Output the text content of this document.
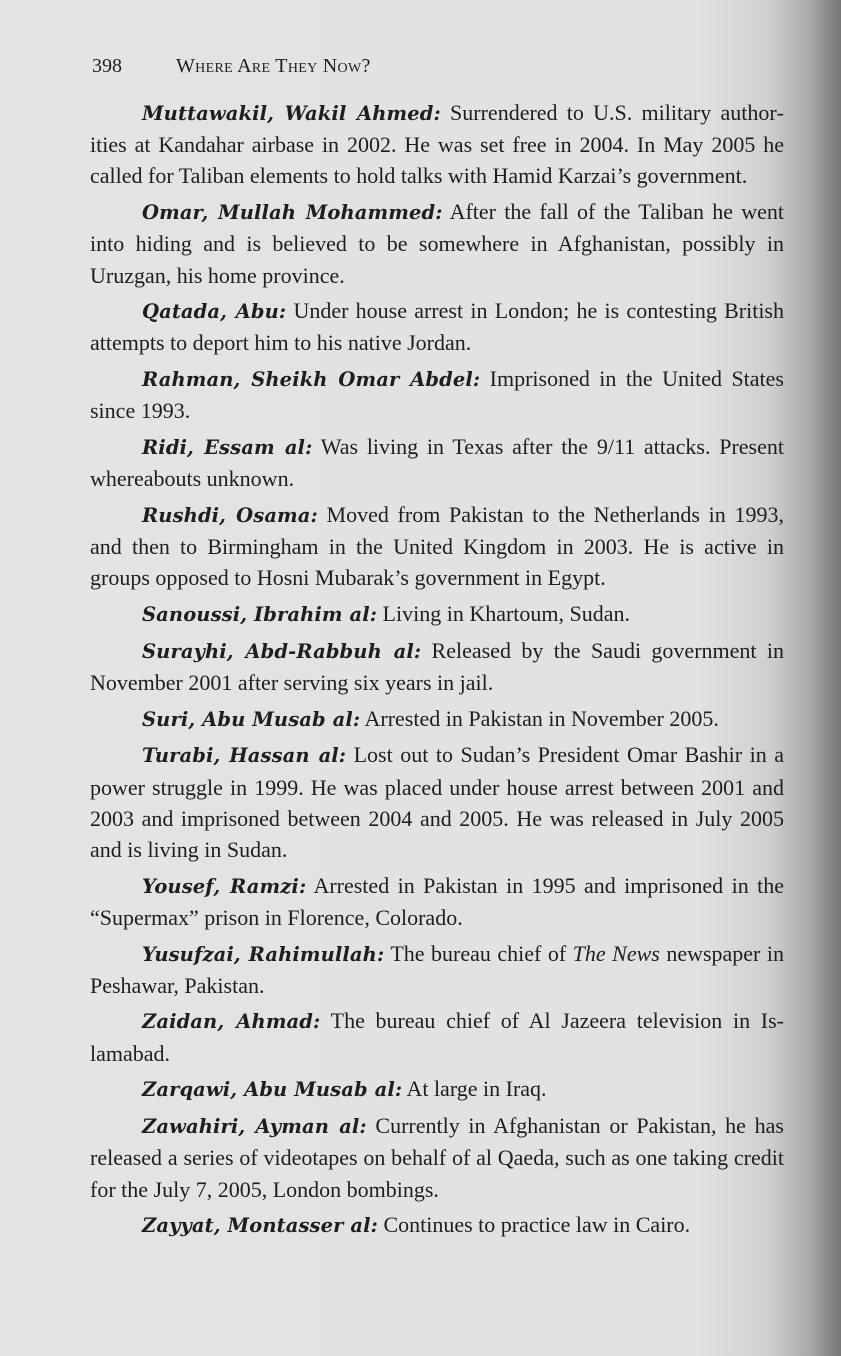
398	Where Are They Now?

Muttawakil, Wakil Ahmed: Surrendered to U.S. military authorities at Kandahar airbase in 2002. He was set free in 2004. In May 2005 he called for Taliban elements to hold talks with Hamid Karzai’s government.

Omar, Mullah Mohammed: After the fall of the Taliban he went into hiding and is believed to be somewhere in Afghanistan, possibly in Uruzgan, his home province.

Qatada, Abu: Under house arrest in London; he is contesting British attempts to deport him to his native Jordan.

Rahman, Sheikh Omar Abdel: Imprisoned in the United States since 1993.

Ridi, Essam al: Was living in Texas after the 9/11 attacks. Present whereabouts unknown.

Rushdi, Osama: Moved from Pakistan to the Netherlands in 1993, and then to Birmingham in the United Kingdom in 2003. He is active in groups opposed to Hosni Mubarak’s government in Egypt.

Sanoussi, Ibrahim al: Living in Khartoum, Sudan.

Surayhi, Abd-Rabbuh al: Released by the Saudi government in November 2001 after serving six years in jail.

Suri, Abu Musab al: Arrested in Pakistan in November 2005.

Turabi, Hassan al: Lost out to Sudan’s President Omar Bashir in a power struggle in 1999. He was placed under house arrest between 2001 and 2003 and imprisoned between 2004 and 2005. He was released in July 2005 and is living in Sudan.

Yousef, Ramzi: Arrested in Pakistan in 1995 and imprisoned in the “Supermax” prison in Florence, Colorado.

Yusufzai, Rahimullah: The bureau chief of The News newspaper in Peshawar, Pakistan.

Zaidan, Ahmad: The bureau chief of Al Jazeera television in Islamabad.

Zarqawi, Abu Musab al: At large in Iraq.

Zawahiri, Ayman al: Currently in Afghanistan or Pakistan, he has released a series of videotapes on behalf of al Qaeda, such as one taking credit for the July 7, 2005, London bombings.

Zayyat, Montasser al: Continues to practice law in Cairo.
